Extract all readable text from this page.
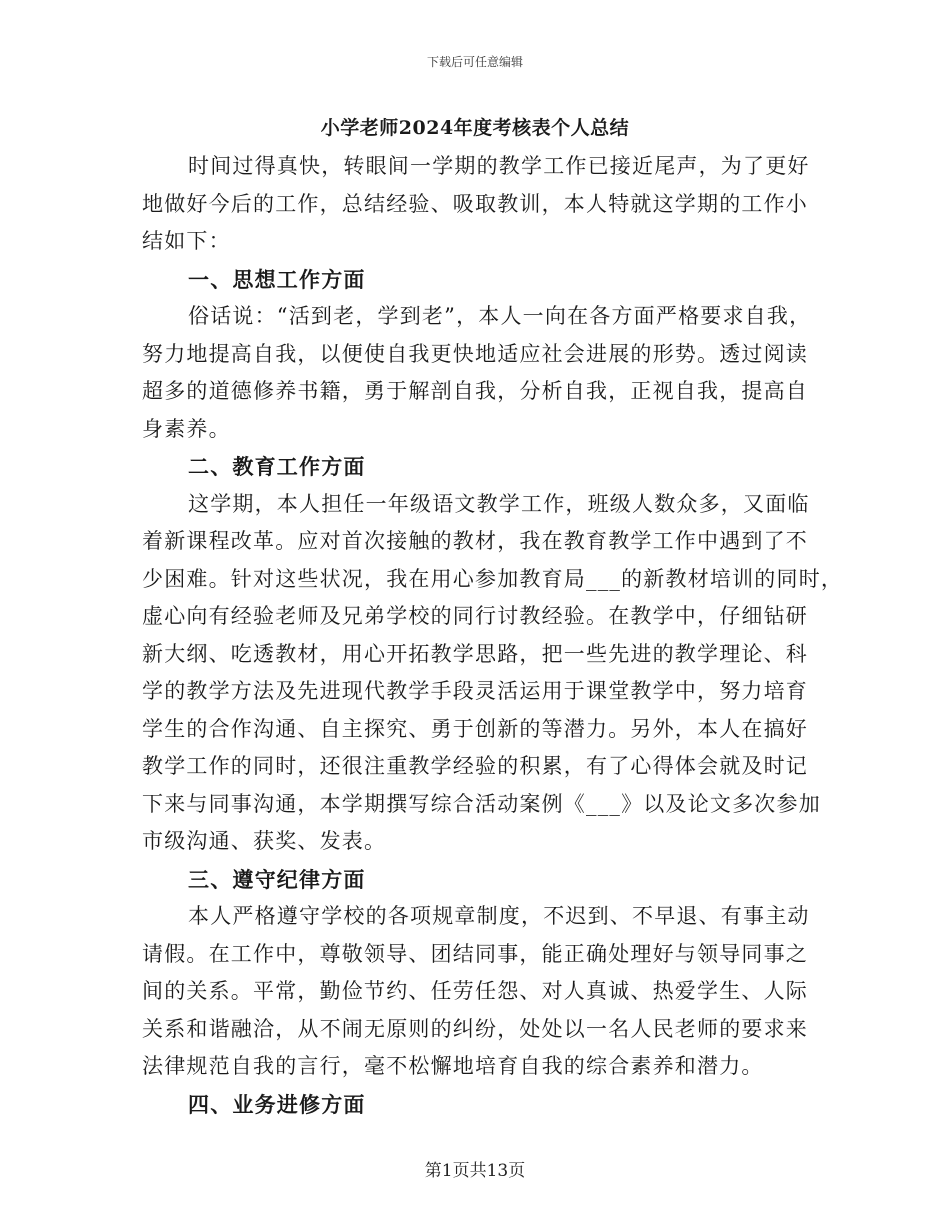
下载后可任意编辑
小学老师2024年度考核表个人总结
时间过得真快，转眼间一学期的教学工作已接近尾声，为了更好
地做好今后的工作，总结经验、吸取教训，本人特就这学期的工作小
结如下：
一、思想工作方面
俗话说：“活到老，学到老”，本人一向在各方面严格要求自我，
努力地提高自我，以便使自我更快地适应社会进展的形势。透过阅读
超多的道德修养书籍，勇于解剖自我，分析自我，正视自我，提高自
身素养。
二、教育工作方面
这学期，本人担任一年级语文教学工作，班级人数众多，又面临
着新课程改革。应对首次接触的教材，我在教育教学工作中遇到了不
少困难。针对这些状况，我在用心参加教育局___的新教材培训的同时，
虚心向有经验老师及兄弟学校的同行讨教经验。在教学中，仔细钻研
新大纲、吃透教材，用心开拓教学思路，把一些先进的教学理论、科
学的教学方法及先进现代教学手段灵活运用于课堂教学中，努力培育
学生的合作沟通、自主探究、勇于创新的等潜力。另外，本人在搞好
教学工作的同时，还很注重教学经验的积累，有了心得体会就及时记
下来与同事沟通，本学期撰写综合活动案例《___》以及论文多次参加
市级沟通、获奖、发表。
三、遵守纪律方面
本人严格遵守学校的各项规章制度，不迟到、不早退、有事主动
请假。在工作中，尊敬领导、团结同事，能正确处理好与领导同事之
间的关系。平常，勤俭节约、任劳任怨、对人真诚、热爱学生、人际
关系和谐融洽，从不闹无原则的纠纷，处处以一名人民老师的要求来
法律规范自我的言行，毫不松懈地培育自我的综合素养和潜力。
四、业务进修方面
第1页共13页
